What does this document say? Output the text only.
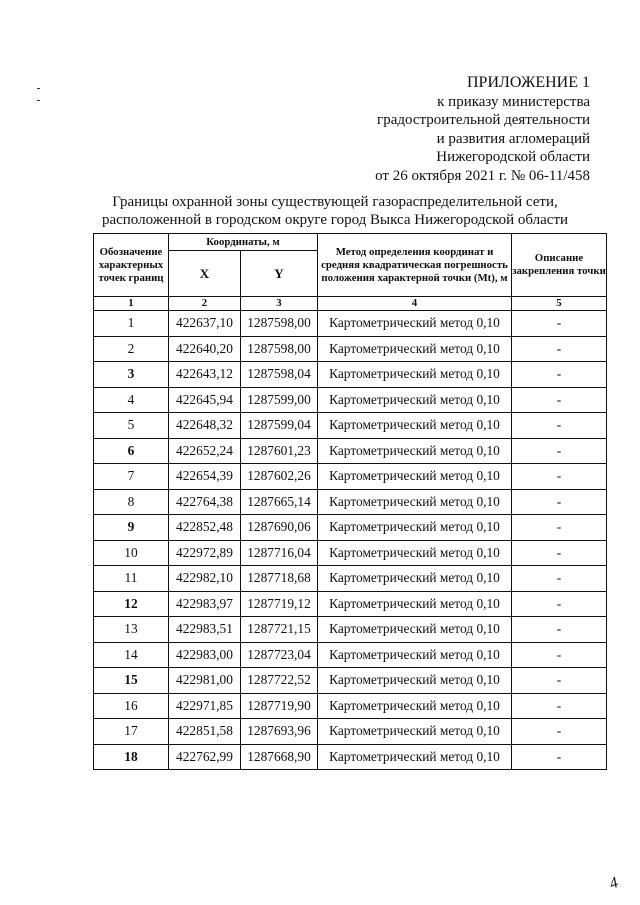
ПРИЛОЖЕНИЕ 1
к приказу министерства
градостроительной деятельности
и развития агломераций
Нижегородской области
от 26 октября 2021 г. № 06-11/458
Границы охранной зоны существующей газораспределительной сети,
расположенной в городском округе город Выкса Нижегородской области
Обозначение характерных точек границ	Координаты, м		Метод определения координат и средняя квадратическая погрешность положения характерной точки (Mt), м	Описание закрепления точки
	X	Y		
1	2	3	4	5
1	422637,10	1287598,00	Картометрический метод 0,10	-
2	422640,20	1287598,00	Картометрический метод 0,10	-
3	422643,12	1287598,04	Картометрический метод 0,10	-
4	422645,94	1287599,00	Картометрический метод 0,10	-
5	422648,32	1287599,04	Картометрический метод 0,10	-
6	422652,24	1287601,23	Картометрический метод 0,10	-
7	422654,39	1287602,26	Картометрический метод 0,10	-
8	422764,38	1287665,14	Картометрический метод 0,10	-
9	422852,48	1287690,06	Картометрический метод 0,10	-
10	422972,89	1287716,04	Картометрический метод 0,10	-
11	422982,10	1287718,68	Картометрический метод 0,10	-
12	422983,97	1287719,12	Картометрический метод 0,10	-
13	422983,51	1287721,15	Картометрический метод 0,10	-
14	422983,00	1287723,04	Картометрический метод 0,10	-
15	422981,00	1287722,52	Картометрический метод 0,10	-
16	422971,85	1287719,90	Картометрический метод 0,10	-
17	422851,58	1287693,96	Картометрический метод 0,10	-
18	422762,99	1287668,90	Картометрический метод 0,10	-
4
